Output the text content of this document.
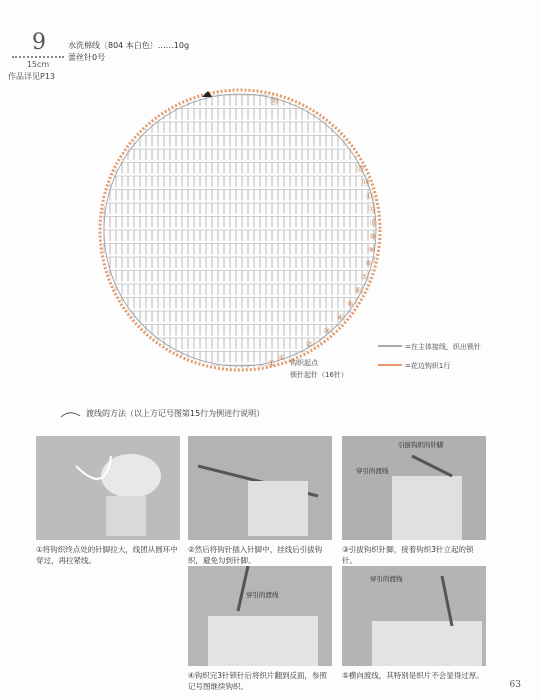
9
15cm
作品详见P13
水洗棉线〔804 本白色〕……10g
蕾丝针0号
⑳
①
①
②
③
④
⑤
⑥
⑦
⑧
⑨
⑩
⑪
⑫
⑬
⑭
⑮
钩织起点
锁针起针（16针）
=在主体接线，织出锁针
=花边钩织1行
渡线的方法（以上方记号图第15行为例进行说明）
引拔钩织的针脚
穿引的渡线
穿引的渡线
穿引的渡线
①将钩织终点处的针脚拉大，线团从圆环中穿过，再拉紧线。
②然后将钩针插入针脚中，挂线后引拔钩织，避免勾到针脚。
③引拔钩织针脚，接着钩织3针立起的锁针。
④钩织完3针锁针后将织片翻到反面，参照记号图继续钩织。
⑤横向渡线，其特别是织片不会显得过厚。
63
